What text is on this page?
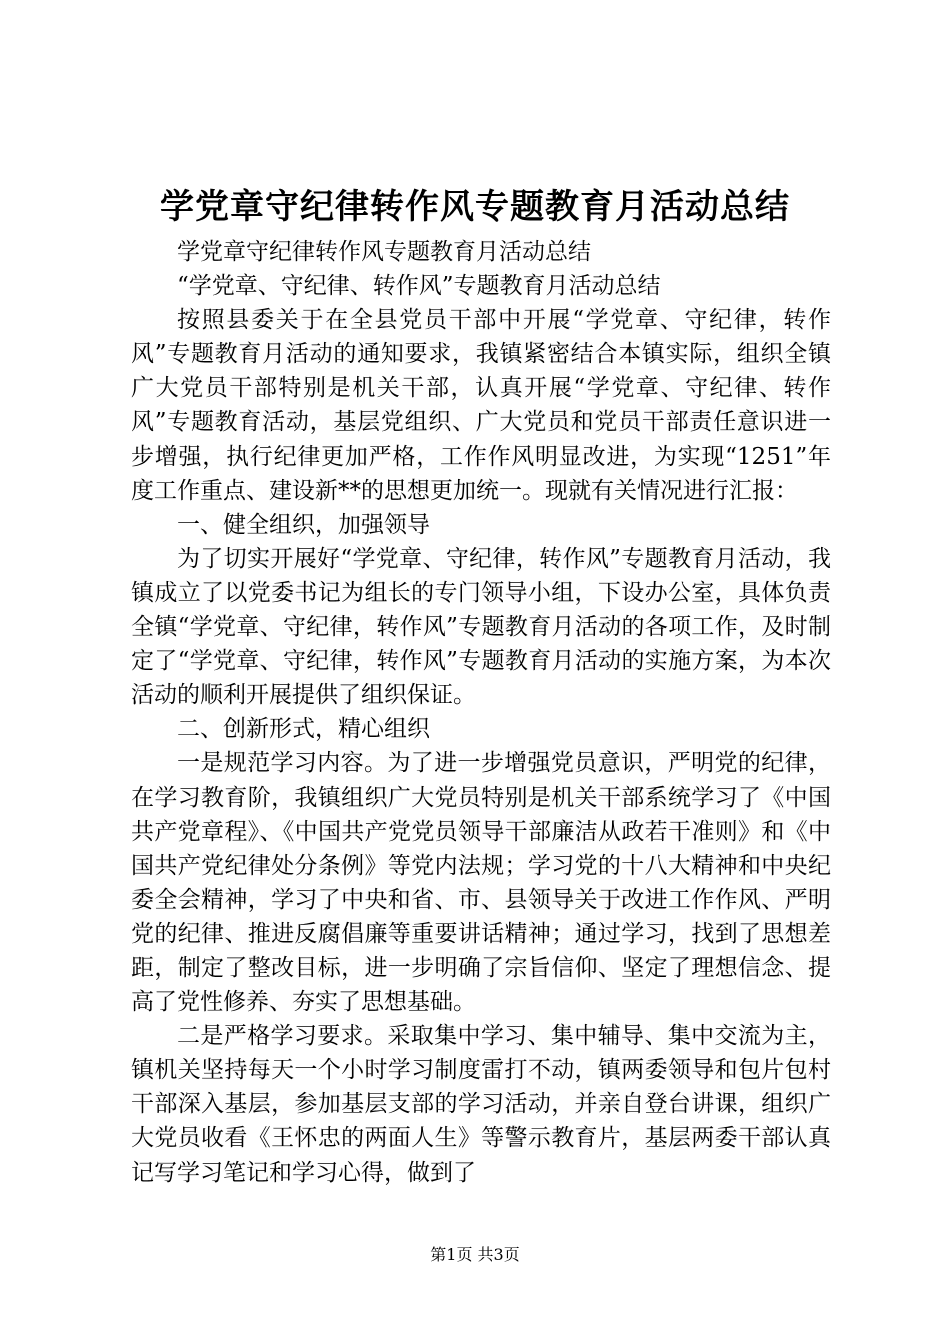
学党章守纪律转作风专题教育月活动总结

学党章守纪律转作风专题教育月活动总结

“学党章、守纪律、转作风”专题教育月活动总结

按照县委关于在全县党员干部中开展“学党章、守纪律，转作风”专题教育月活动的通知要求，我镇紧密结合本镇实际，组织全镇广大党员干部特别是机关干部，认真开展“学党章、守纪律、转作风”专题教育活动，基层党组织、广大党员和党员干部责任意识进一步增强，执行纪律更加严格，工作作风明显改进，为实现“1251”年度工作重点、建设新**的思想更加统一。现就有关情况进行汇报：

一、健全组织，加强领导

为了切实开展好“学党章、守纪律，转作风”专题教育月活动，我镇成立了以党委书记为组长的专门领导小组，下设办公室，具体负责全镇“学党章、守纪律，转作风”专题教育月活动的各项工作，及时制定了“学党章、守纪律，转作风”专题教育月活动的实施方案，为本次活动的顺利开展提供了组织保证。

二、创新形式，精心组织

一是规范学习内容。为了进一步增强党员意识，严明党的纪律，在学习教育阶，我镇组织广大党员特别是机关干部系统学习了《中国共产党章程》、《中国共产党党员领导干部廉洁从政若干准则》和《中国共产党纪律处分条例》等党内法规；学习党的十八大精神和中央纪委全会精神，学习了中央和省、市、县领导关于改进工作作风、严明党的纪律、推进反腐倡廉等重要讲话精神；通过学习，找到了思想差距，制定了整改目标，进一步明确了宗旨信仰、坚定了理想信念、提高了党性修养、夯实了思想基础。

二是严格学习要求。采取集中学习、集中辅导、集中交流为主，镇机关坚持每天一个小时学习制度雷打不动，镇两委领导和包片包村干部深入基层，参加基层支部的学习活动，并亲自登台讲课，组织广大党员收看《王怀忠的两面人生》等警示教育片，基层两委干部认真记写学习笔记和学习心得，做到了

第1页 共3页
